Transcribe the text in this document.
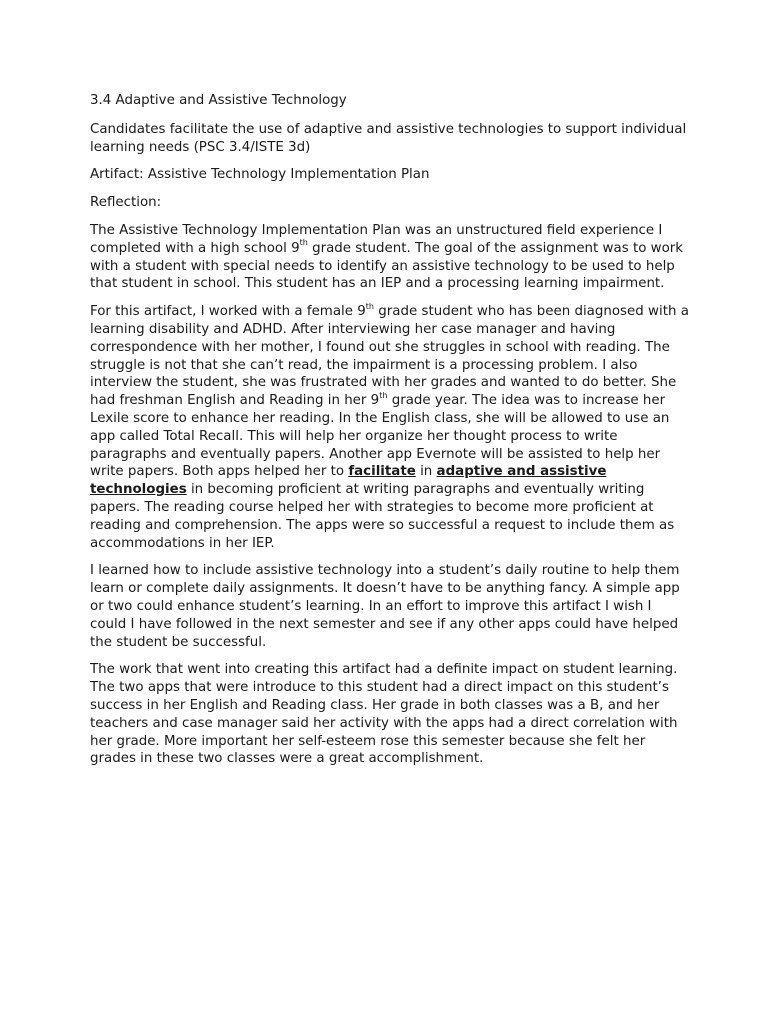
3.4 Adaptive and Assistive Technology

Candidates facilitate the use of adaptive and assistive technologies to support individual learning needs (PSC 3.4/ISTE 3d)

Artifact: Assistive Technology Implementation Plan

Reflection:

The Assistive Technology Implementation Plan was an unstructured field experience I completed with a high school 9th grade student. The goal of the assignment was to work with a student with special needs to identify an assistive technology to be used to help that student in school. This student has an IEP and a processing learning impairment.

For this artifact, I worked with a female 9th grade student who has been diagnosed with a learning disability and ADHD. After interviewing her case manager and having correspondence with her mother, I found out she struggles in school with reading. The struggle is not that she can’t read, the impairment is a processing problem. I also interview the student, she was frustrated with her grades and wanted to do better. She had freshman English and Reading in her 9th grade year. The idea was to increase her Lexile score to enhance her reading. In the English class, she will be allowed to use an app called Total Recall. This will help her organize her thought process to write paragraphs and eventually papers. Another app Evernote will be assisted to help her write papers. Both apps helped her to facilitate in adaptive and assistive technologies in becoming proficient at writing paragraphs and eventually writing papers. The reading course helped her with strategies to become more proficient at reading and comprehension. The apps were so successful a request to include them as accommodations in her IEP.

I learned how to include assistive technology into a student’s daily routine to help them learn or complete daily assignments. It doesn’t have to be anything fancy. A simple app or two could enhance student’s learning. In an effort to improve this artifact I wish I could I have followed in the next semester and see if any other apps could have helped the student be successful.

The work that went into creating this artifact had a definite impact on student learning. The two apps that were introduce to this student had a direct impact on this student’s success in her English and Reading class. Her grade in both classes was a B, and her teachers and case manager said her activity with the apps had a direct correlation with her grade. More important her self-esteem rose this semester because she felt her grades in these two classes were a great accomplishment.
